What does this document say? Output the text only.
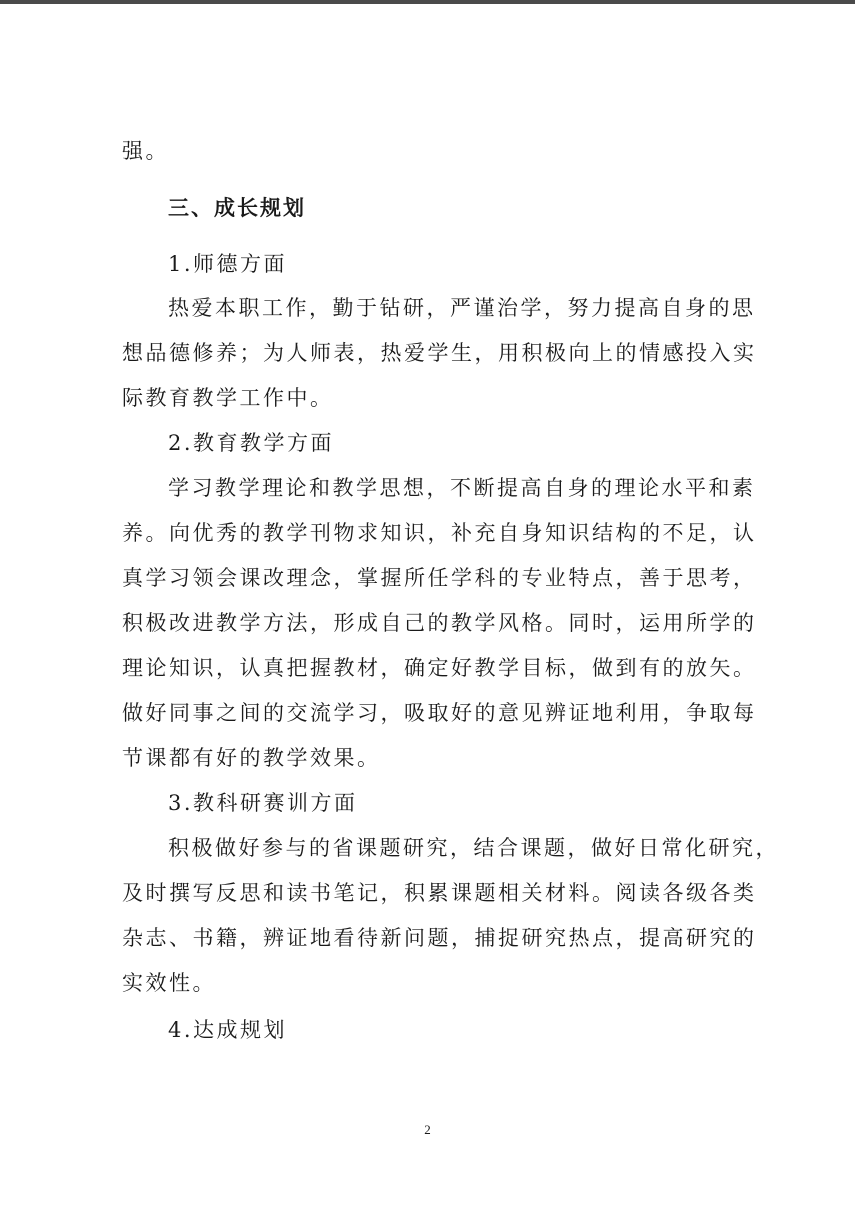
强。
三、成长规划
1.师德方面
热爱本职工作，勤于钻研，严谨治学，努力提高自身的思
想品德修养；为人师表，热爱学生，用积极向上的情感投入实
际教育教学工作中。
2.教育教学方面
学习教学理论和教学思想，不断提高自身的理论水平和素
养。向优秀的教学刊物求知识，补充自身知识结构的不足，认
真学习领会课改理念，掌握所任学科的专业特点，善于思考，
积极改进教学方法，形成自己的教学风格。同时，运用所学的
理论知识，认真把握教材，确定好教学目标，做到有的放矢。
做好同事之间的交流学习，吸取好的意见辨证地利用，争取每
节课都有好的教学效果。
3.教科研赛训方面
积极做好参与的省课题研究，结合课题，做好日常化研究，
及时撰写反思和读书笔记，积累课题相关材料。阅读各级各类
杂志、书籍，辨证地看待新问题，捕捉研究热点，提高研究的
实效性。
4.达成规划
2
